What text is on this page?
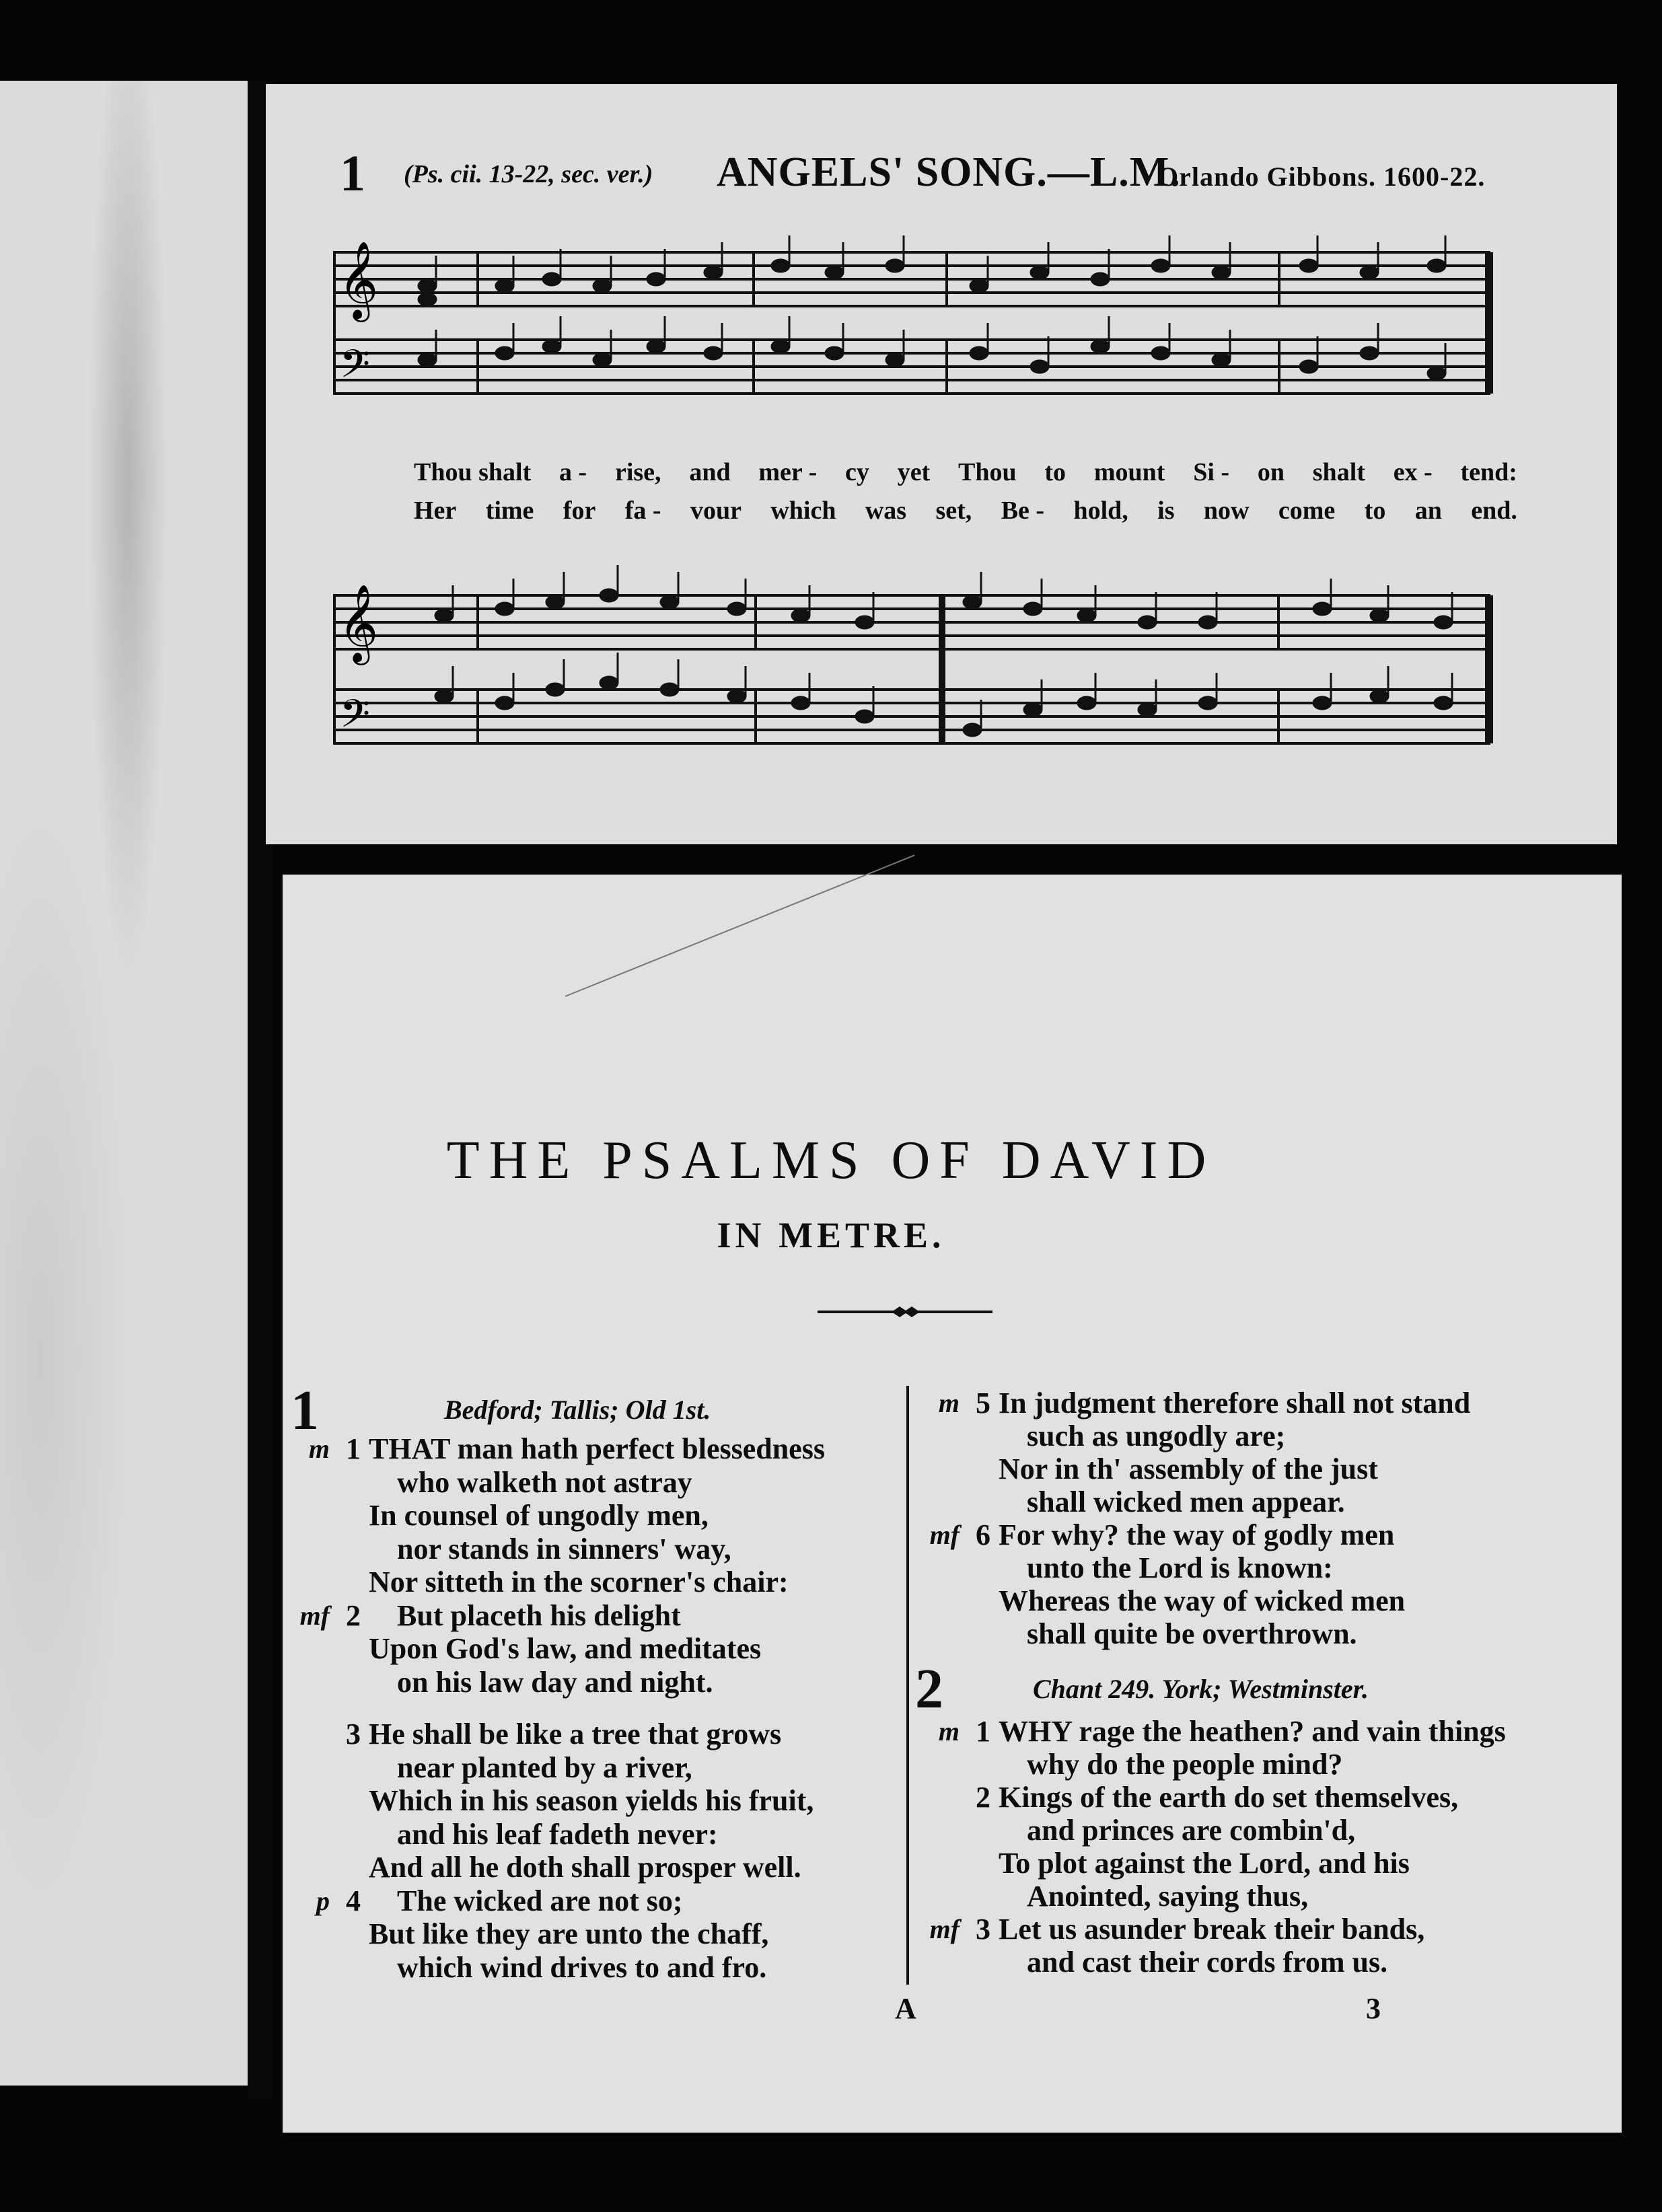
1 (Ps. cii. 13-22, sec. ver.) ANGELS' SONG.—L.M.
Orlando Gibbons. 1600-22.
𝄞
𝄢
Thou shalt a - rise, and mer - cy yet Thou to mount Si - on shalt ex - tend:
Her time for fa - vour which was set, Be - hold, is now come to an end.
𝄞
𝄢
THE PSALMS OF DAVID
IN METRE.
1	Bedford; Tallis; Old 1st.
m 1 THAT man hath perfect blessedness
who walketh not astray
In counsel of ungodly men,
nor stands in sinners' way,
Nor sitteth in the scorner's chair:
mf 2 But placeth his delight
Upon God's law, and meditates
on his law day and night.
3 He shall be like a tree that grows
near planted by a river,
Which in his season yields his fruit,
and his leaf fadeth never:
And all he doth shall prosper well.
p 4 The wicked are not so;
But like they are unto the chaff,
which wind drives to and fro.
m 5 In judgment therefore shall not stand
such as ungodly are;
Nor in th' assembly of the just
shall wicked men appear.
mf 6 For why? the way of godly men
unto the Lord is known:
Whereas the way of wicked men
shall quite be overthrown.
2	Chant 249. York; Westminster.
m 1 WHY rage the heathen? and vain things
why do the people mind?
2 Kings of the earth do set themselves,
and princes are combin'd,
To plot against the Lord, and his
Anointed, saying thus,
mf 3 Let us asunder break their bands,
and cast their cords from us.
A	3
